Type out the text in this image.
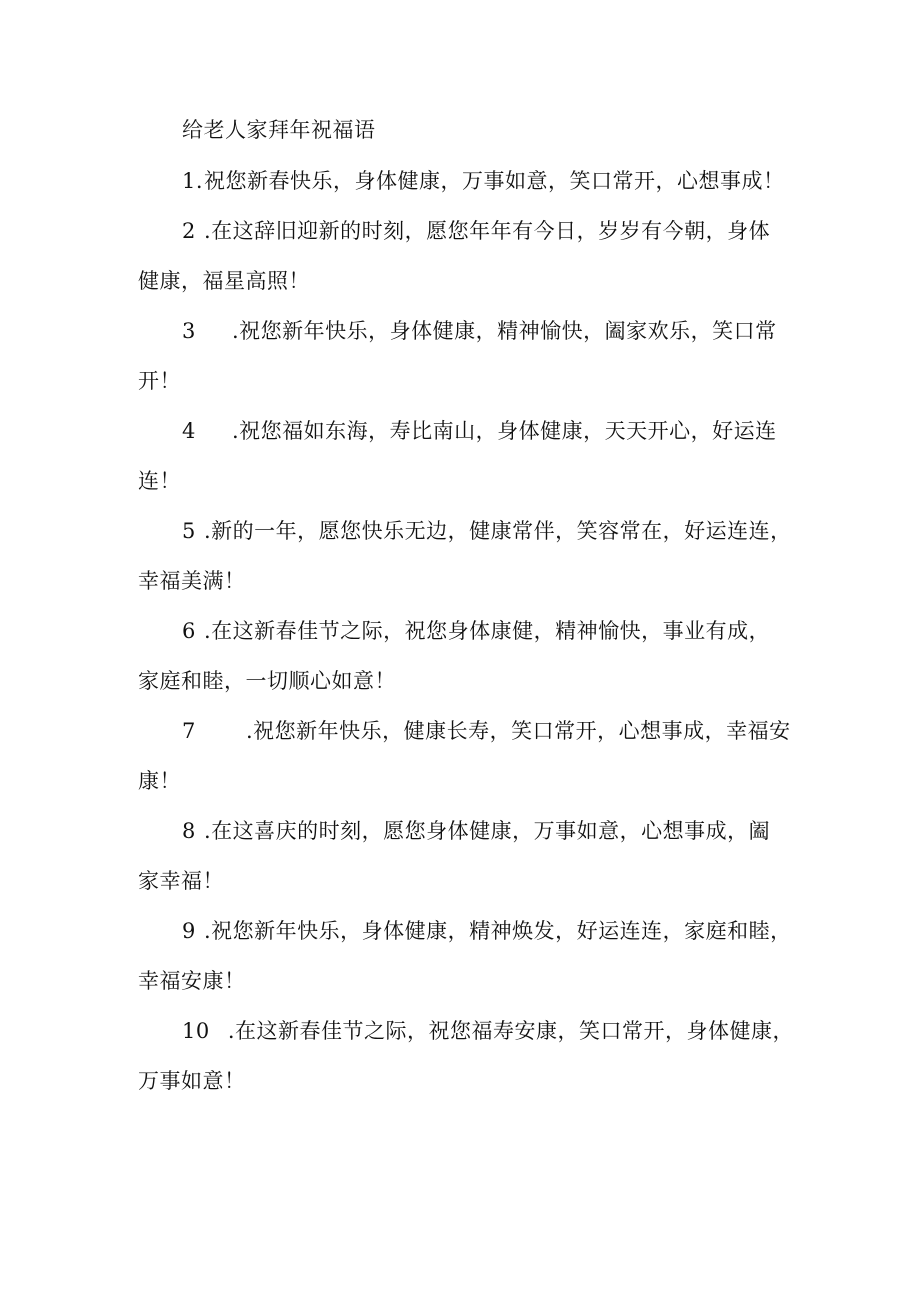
给老人家拜年祝福语
1. 祝您新春快乐，身体健康，万事如意，笑口常开，心想事成！
2 .在这辞旧迎新的时刻，愿您年年有今日，岁岁有今朝，身体
健康，福星高照！
3	.祝您新年快乐，身体健康，精神愉快，阖家欢乐，笑口常
开！
4	.祝您福如东海，寿比南山，身体健康，天天开心，好运连
连！
5 .新的一年，愿您快乐无边，健康常伴，笑容常在，好运连连，
幸福美满！
6 .在这新春佳节之际，祝您身体康健，精神愉快，事业有成，
家庭和睦，一切顺心如意！
7	.祝您新年快乐，健康长寿，笑口常开，心想事成，幸福安
康！
8 .在这喜庆的时刻，愿您身体健康，万事如意，心想事成，阖
家幸福！
9 .祝您新年快乐，身体健康，精神焕发，好运连连，家庭和睦，
幸福安康！
10 .在这新春佳节之际，祝您福寿安康，笑口常开，身体健康，
万事如意！
